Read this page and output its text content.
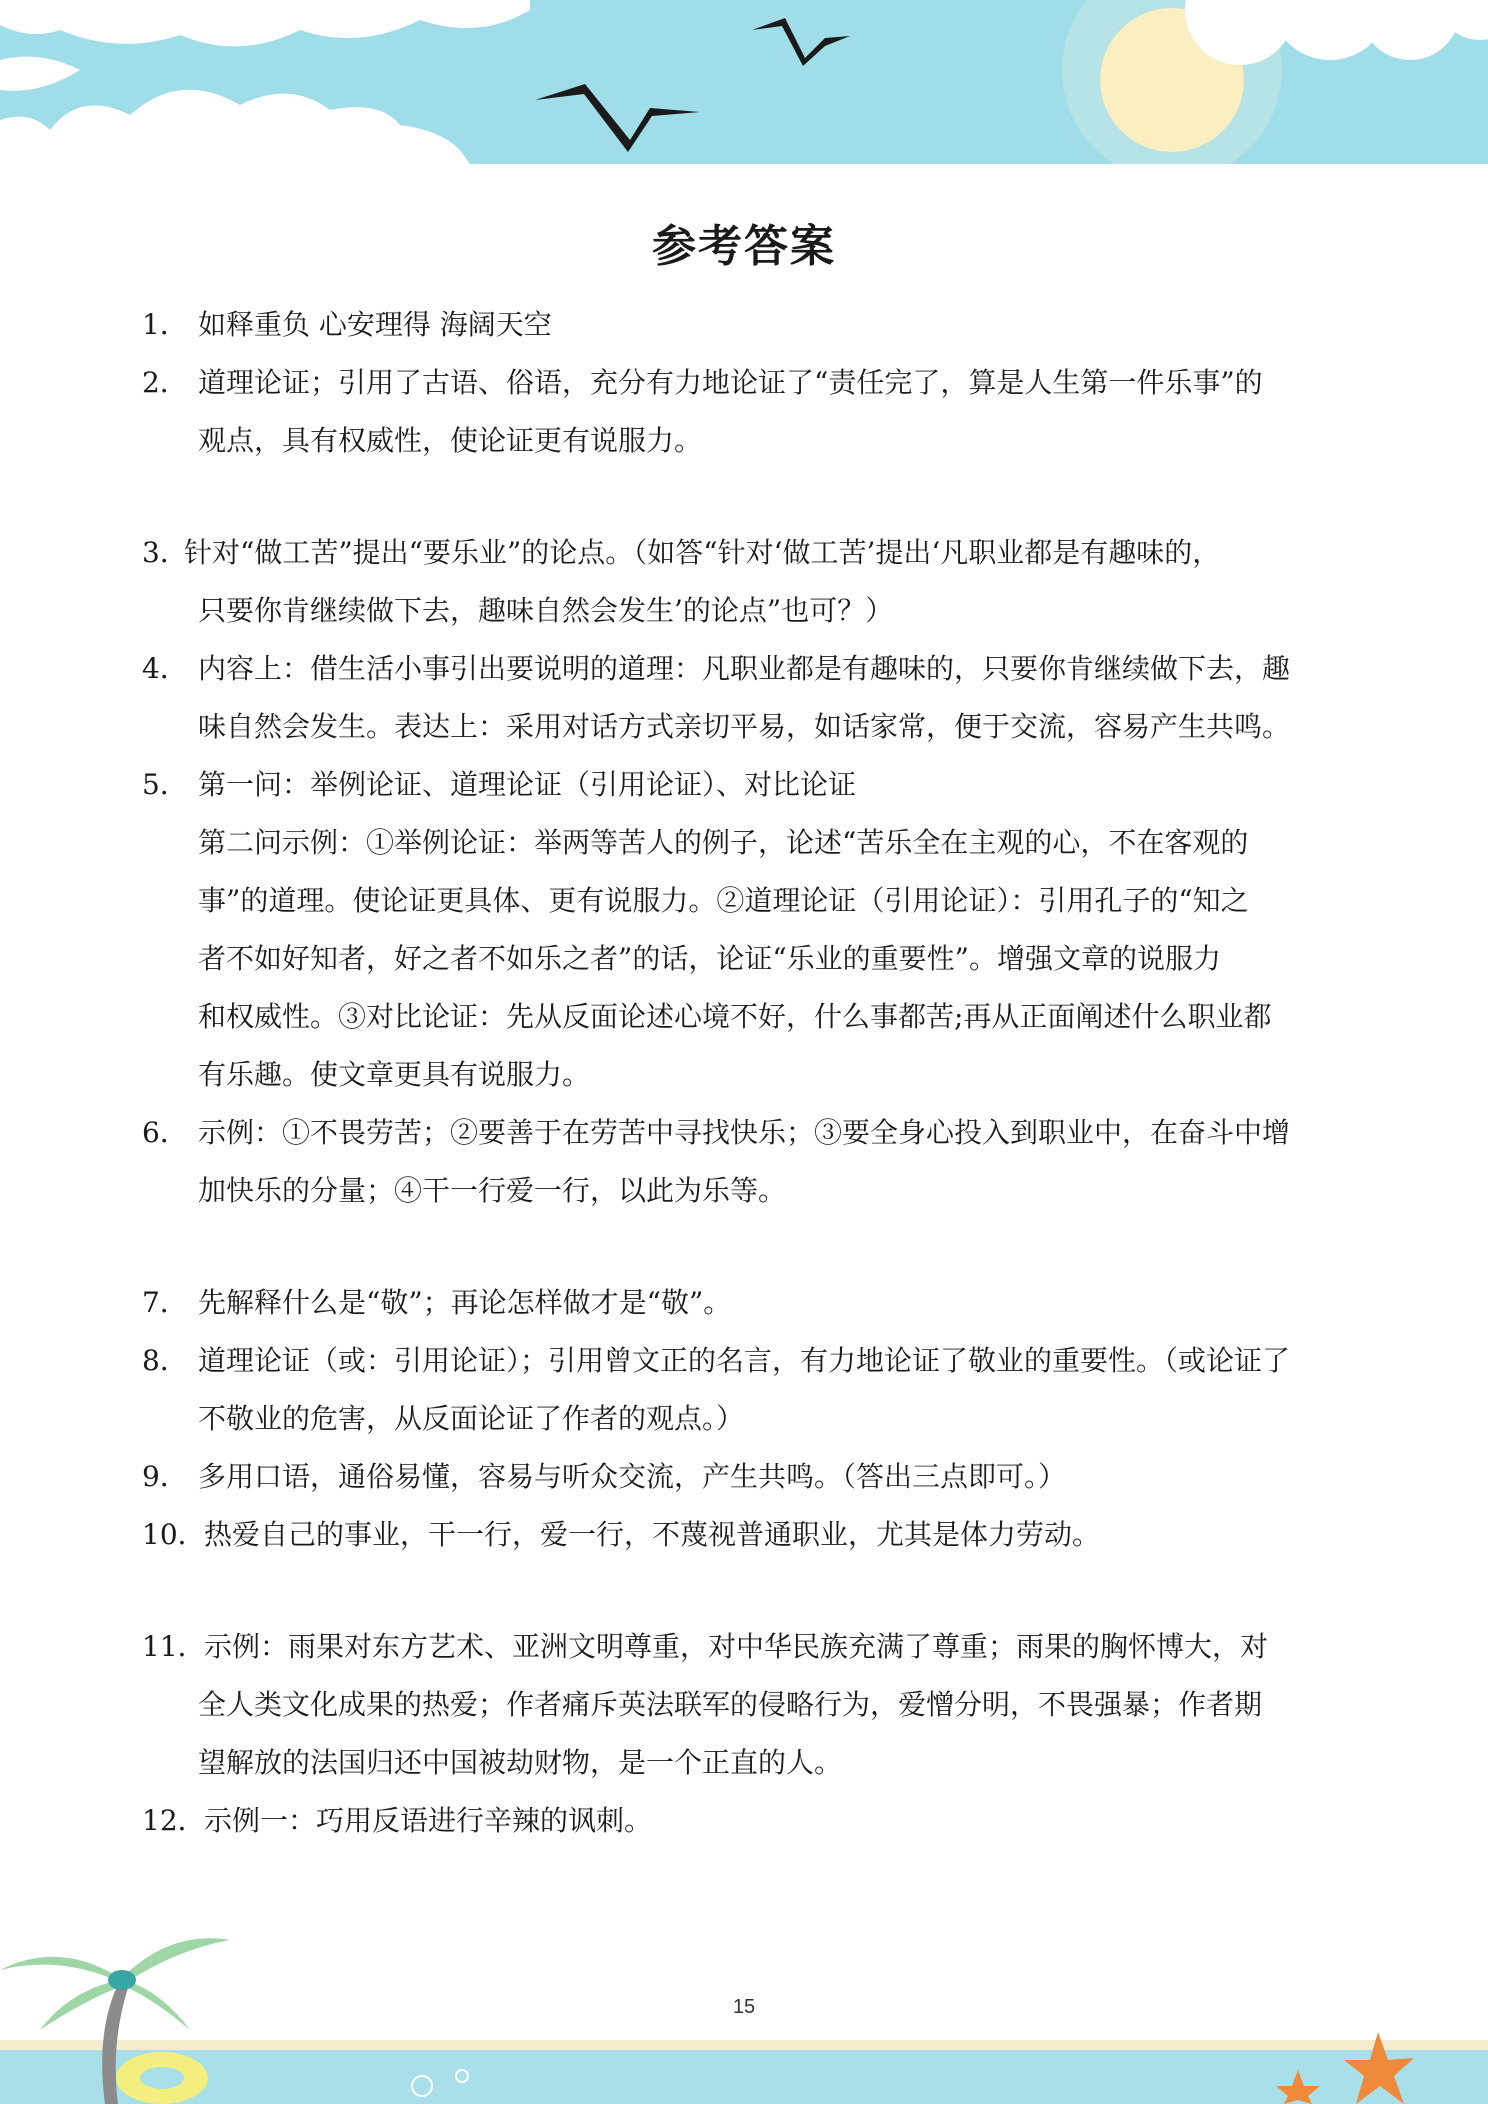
参考答案
1． 如释重负 心安理得 海阔天空
2． 道理论证；引用了古语、俗语，充分有力地论证了“责任完了，算是人生第一件乐事”的
观点，具有权威性，使论证更有说服力。
3．
针对“做工苦”提出“要乐业”的论点。（如答“针对‘做工苦’提出‘凡职业都是有趣味的，
只要你肯继续做下去，趣味自然会发生’的论点”也可？）
4． 内容上：借生活小事引出要说明的道理：凡职业都是有趣味的，只要你肯继续做下去，趣
味自然会发生。表达上：采用对话方式亲切平易，如话家常，便于交流，容易产生共鸣。
5． 第一问：举例论证、道理论证（引用论证）、对比论证
第二问示例：①举例论证：举两等苦人的例子，论述“苦乐全在主观的心，不在客观的
事”的道理。使论证更具体、更有说服力。②道理论证（引用论证）：引用孔子的“知之
者不如好知者，好之者不如乐之者”的话，论证“乐业的重要性”。增强文章的说服力
和权威性。③对比论证：先从反面论述心境不好，什么事都苦;再从正面阐述什么职业都
有乐趣。使文章更具有说服力。
6． 示例：①不畏劳苦；②要善于在劳苦中寻找快乐；③要全身心投入到职业中，在奋斗中增
加快乐的分量；④干一行爱一行，以此为乐等。
7． 先解释什么是“敬”；再论怎样做才是“敬”。
8． 道理论证（或：引用论证）；引用曾文正的名言，有力地论证了敬业的重要性。（或论证了
不敬业的危害，从反面论证了作者的观点。）
9． 多用口语，通俗易懂，容易与听众交流，产生共鸣。（答出三点即可。）
10．
热爱自己的事业，干一行，爱一行，不蔑视普通职业，尤其是体力劳动。
11．
示例：雨果对东方艺术、亚洲文明尊重，对中华民族充满了尊重；雨果的胸怀博大，对
全人类文化成果的热爱；作者痛斥英法联军的侵略行为，爱憎分明，不畏强暴；作者期
望解放的法国归还中国被劫财物，是一个正直的人。
12．
示例一：巧用反语进行辛辣的讽刺。
15
